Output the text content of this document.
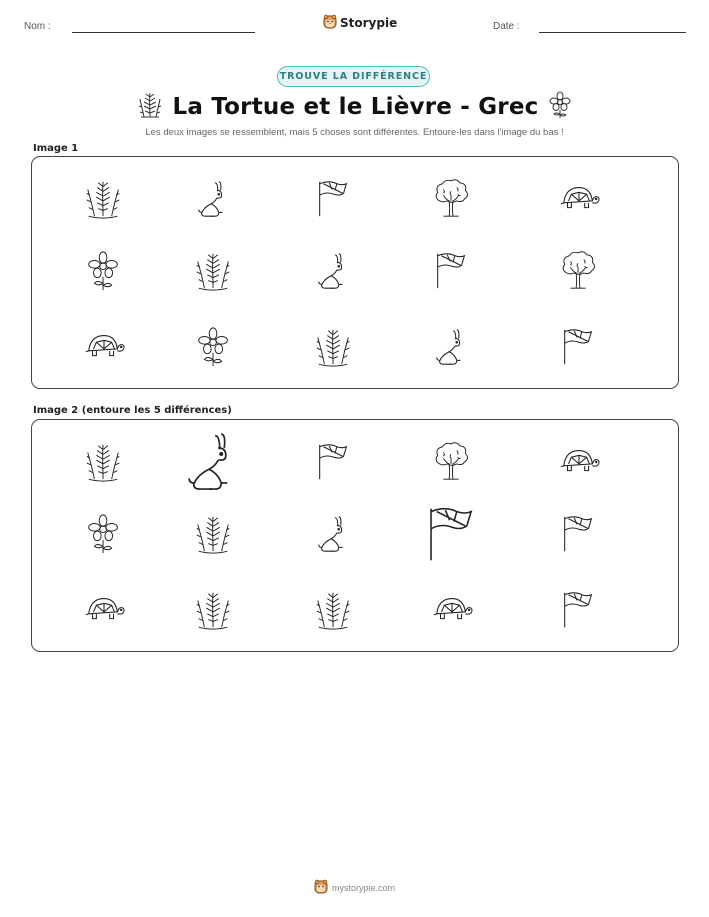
Nom :	Storypie	Date :
TROUVE LA DIFFÉRENCE
La Tortue et le Lièvre - Grec
Les deux images se ressemblent, mais 5 choses sont différentes. Entoure-les dans l'image du bas !
Image 1
Image 2 (entoure les 5 différences)
mystorypie.com
